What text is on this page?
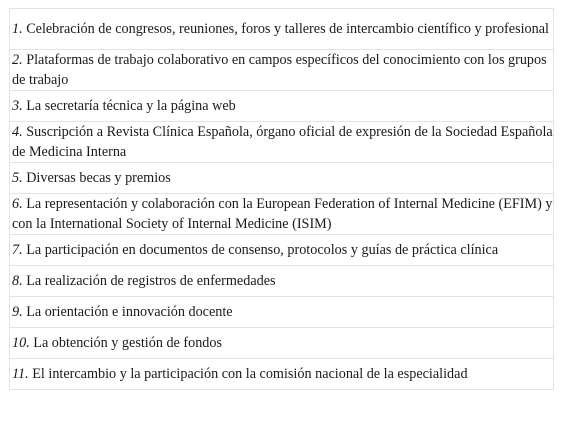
1. Celebración de congresos, reuniones, foros y talleres de intercambio científico y profesional
2. Plataformas de trabajo colaborativo en campos específicos del conocimiento con los grupos de trabajo
3. La secretaría técnica y la página web
4. Suscripción a Revista Clínica Española, órgano oficial de expresión de la Sociedad Española de Medicina Interna
5. Diversas becas y premios
6. La representación y colaboración con la European Federation of Internal Medicine (EFIM) y con la International Society of Internal Medicine (ISIM)
7. La participación en documentos de consenso, protocolos y guías de práctica clínica
8. La realización de registros de enfermedades
9. La orientación e innovación docente
10. La obtención y gestión de fondos
11. El intercambio y la participación con la comisión nacional de la especialidad
